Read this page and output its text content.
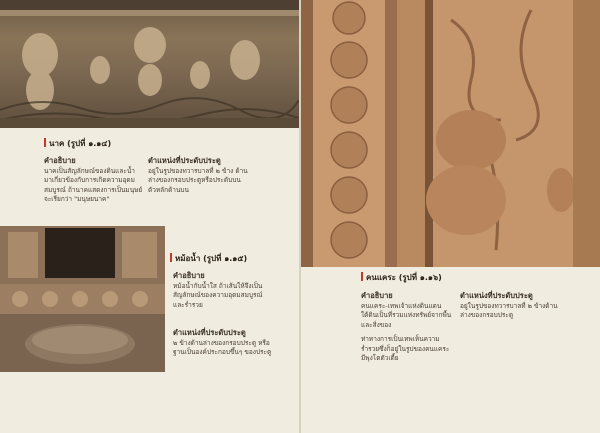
นาค (รูปที่ ๑.๑๔)
คำอธิบาย
นาคเป็นสัญลักษณ์ของดินและน้ำ มาเกี่ยวข้องกับการเกิดความอุดมสมบูรณ์ ถ้านาคแสดงการเป็นมนุษย์ จะเรียกว่า "มนุษยนาค"
ตำแหน่งที่ประดับประตู
อยู่ในรูปของทวารบาลที่ ๒ ข้าง ด้านล่างของกรอบประตูหรือประดับบนตัวหลักด้านบน
หม้อน้ำ (รูปที่ ๑.๑๕)
คำอธิบาย
หม้อน้ำกับน้ำใส ถ้าเส้นให้จึงเป็นสัญลักษณ์ของความอุดมสมบูรณ์และร่ำรวย
ตำแหน่งที่ประดับประตู
๒ ข้างด้านล่างของกรอบประตู หรือฐานเป็นองค์ประกอบขึ้นๆ ของประตู
คนแคระ (รูปที่ ๑.๑๖)
คำอธิบาย
คนแคระ-เทพเจ้าแห่งดินแดนใต้ดินเป็นที่รวมแห่งทรัพย์จากพื้นและสิ่งของ
ท่าทางการเป็นเทพเห็นความร่ำรวยซึ่งก็อยู่ในรูปของคนแคระ มีพุงโตตัวเตี้ย
ตำแหน่งที่ประดับประตู
อยู่ในรูปของทวารบาลที่ ๒ ข้างด้านล่างของกรอบประตู
